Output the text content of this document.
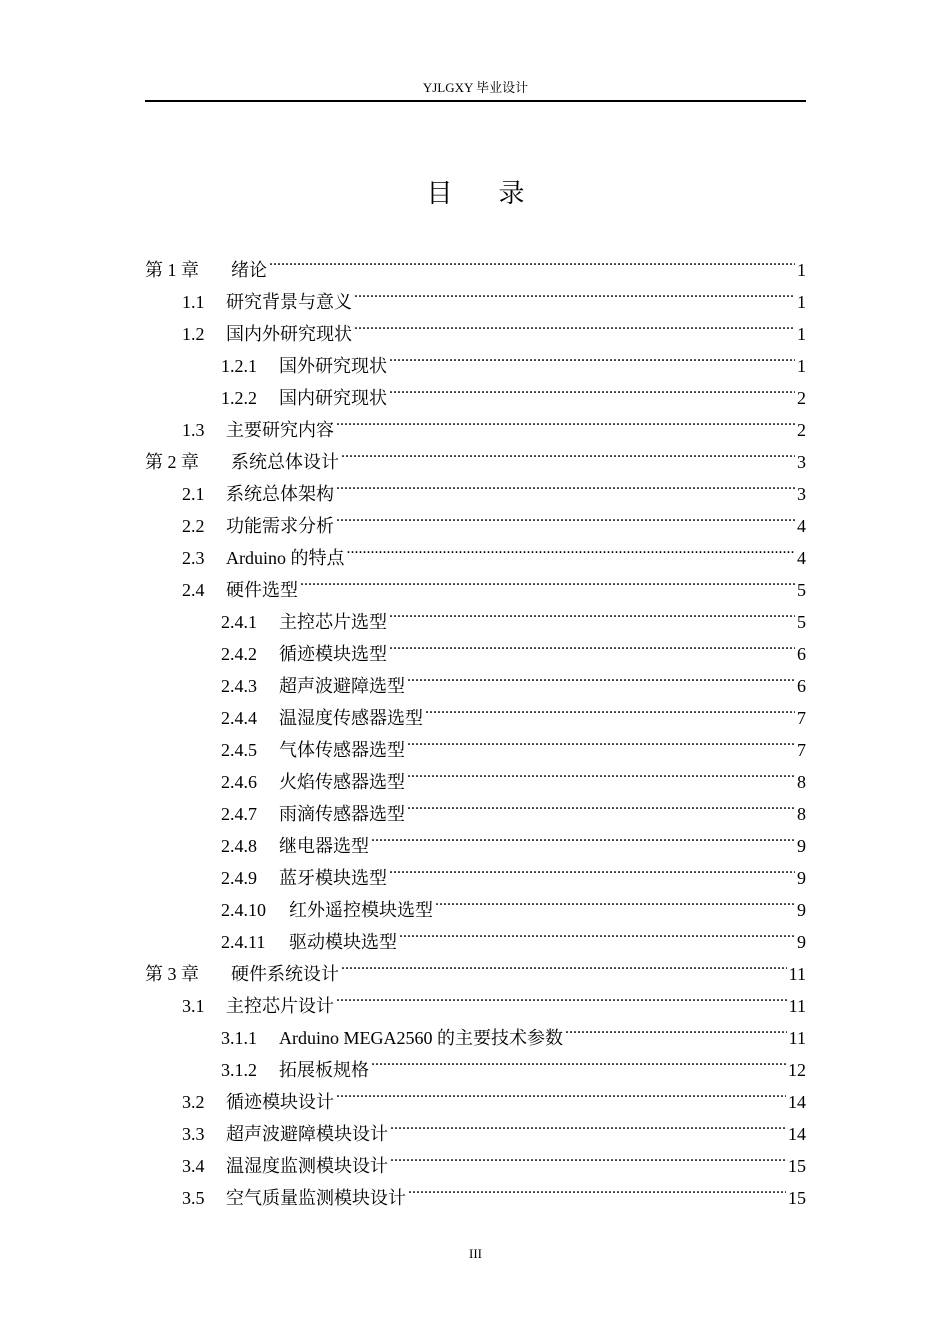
YJLGXY 毕业设计
目 录
第 1 章	绪论 .....	1
1.1	研究背景与意义 .....	1
1.2	国内外研究现状 .....	1
1.2.1	国外研究现状 .....	1
1.2.2	国内研究现状 .....	2
1.3	主要研究内容 .....	2
第 2 章	系统总体设计 .....	3
2.1	系统总体架构 .....	3
2.2	功能需求分析 .....	4
2.3	Arduino 的特点 .....	4
2.4	硬件选型 .....	5
2.4.1	主控芯片选型 .....	5
2.4.2	循迹模块选型 .....	6
2.4.3	超声波避障选型 .....	6
2.4.4	温湿度传感器选型 .....	7
2.4.5	气体传感器选型 .....	7
2.4.6	火焰传感器选型 .....	8
2.4.7	雨滴传感器选型 .....	8
2.4.8	继电器选型 .....	9
2.4.9	蓝牙模块选型 .....	9
2.4.10	红外遥控模块选型 .....	9
2.4.11	驱动模块选型 .....	9
第 3 章	硬件系统设计 .....	11
3.1	主控芯片设计 .....	11
3.1.1	Arduino MEGA2560 的主要技术参数 .....	11
3.1.2	拓展板规格 .....	12
3.2	循迹模块设计 .....	14
3.3	超声波避障模块设计 .....	14
3.4	温湿度监测模块设计 .....	15
3.5	空气质量监测模块设计 .....	15
III
